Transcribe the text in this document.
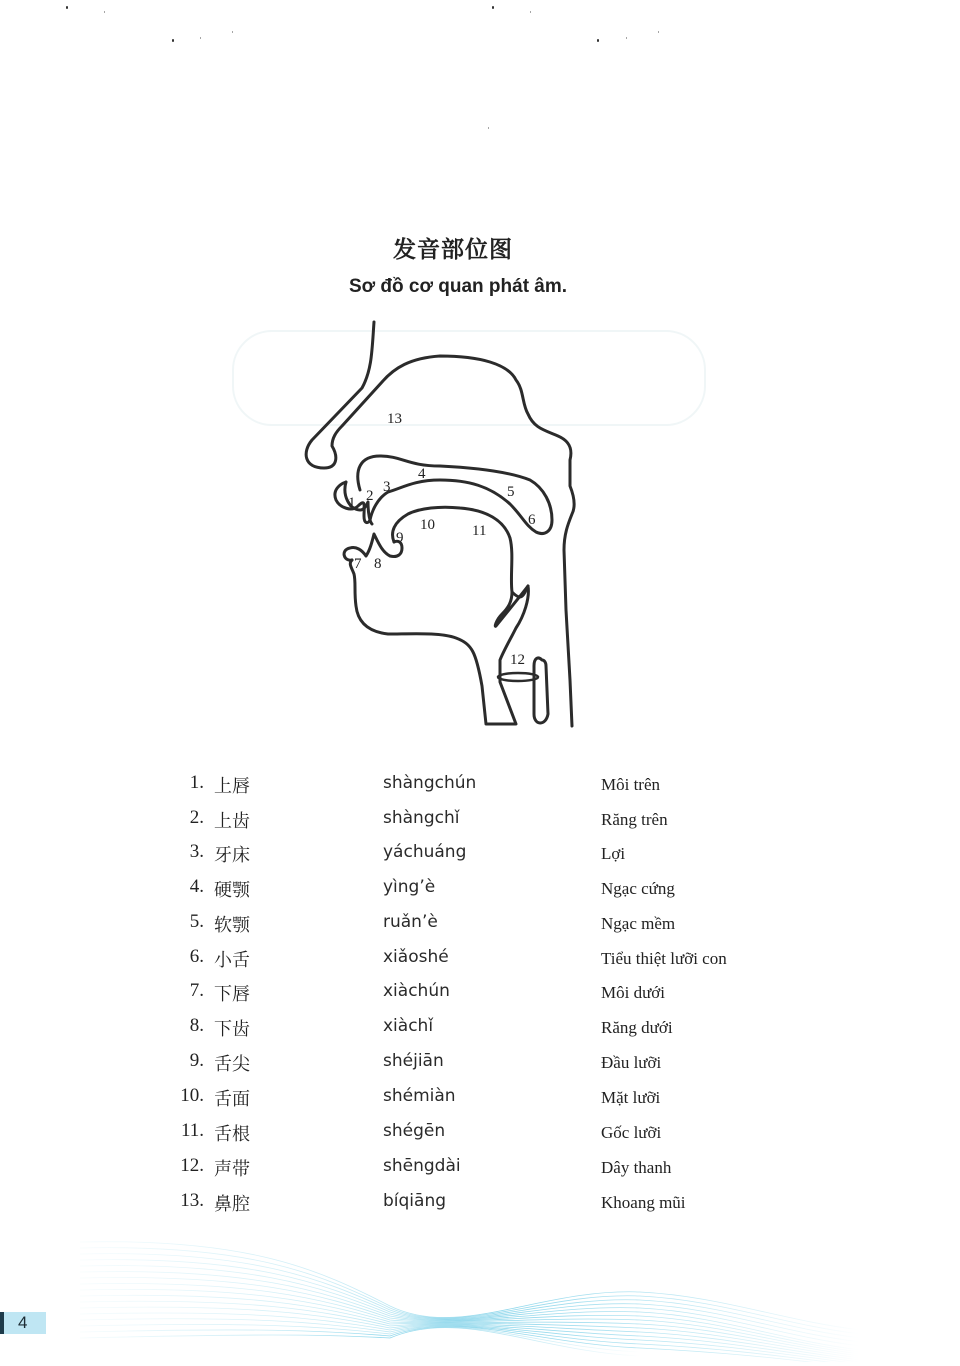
发音部位图
Sơ đồ cơ quan phát âm.
1 2
3
4
5
6
7 8
9
10 11
12
13
1. 上唇	shàngchún	Môi trên
2. 上齿	shàngchǐ	Răng trên
3. 牙床	yáchuáng	Lợi
4. 硬颚	yìng’è	Ngạc cứng
5. 软颚	ruǎn’è	Ngạc mềm
6. 小舌	xiǎoshé	Tiểu thiệt lưỡi con
7. 下唇	xiàchún	Môi dưới
8. 下齿	xiàchǐ	Răng dưới
9. 舌尖	shéjiān	Đầu lưỡi
10. 舌面	shémiàn	Mặt lưỡi
11. 舌根	shégēn	Gốc lưỡi
12. 声带	shēngdài	Dây thanh
13. 鼻腔	bíqiāng	Khoang mũi
4
